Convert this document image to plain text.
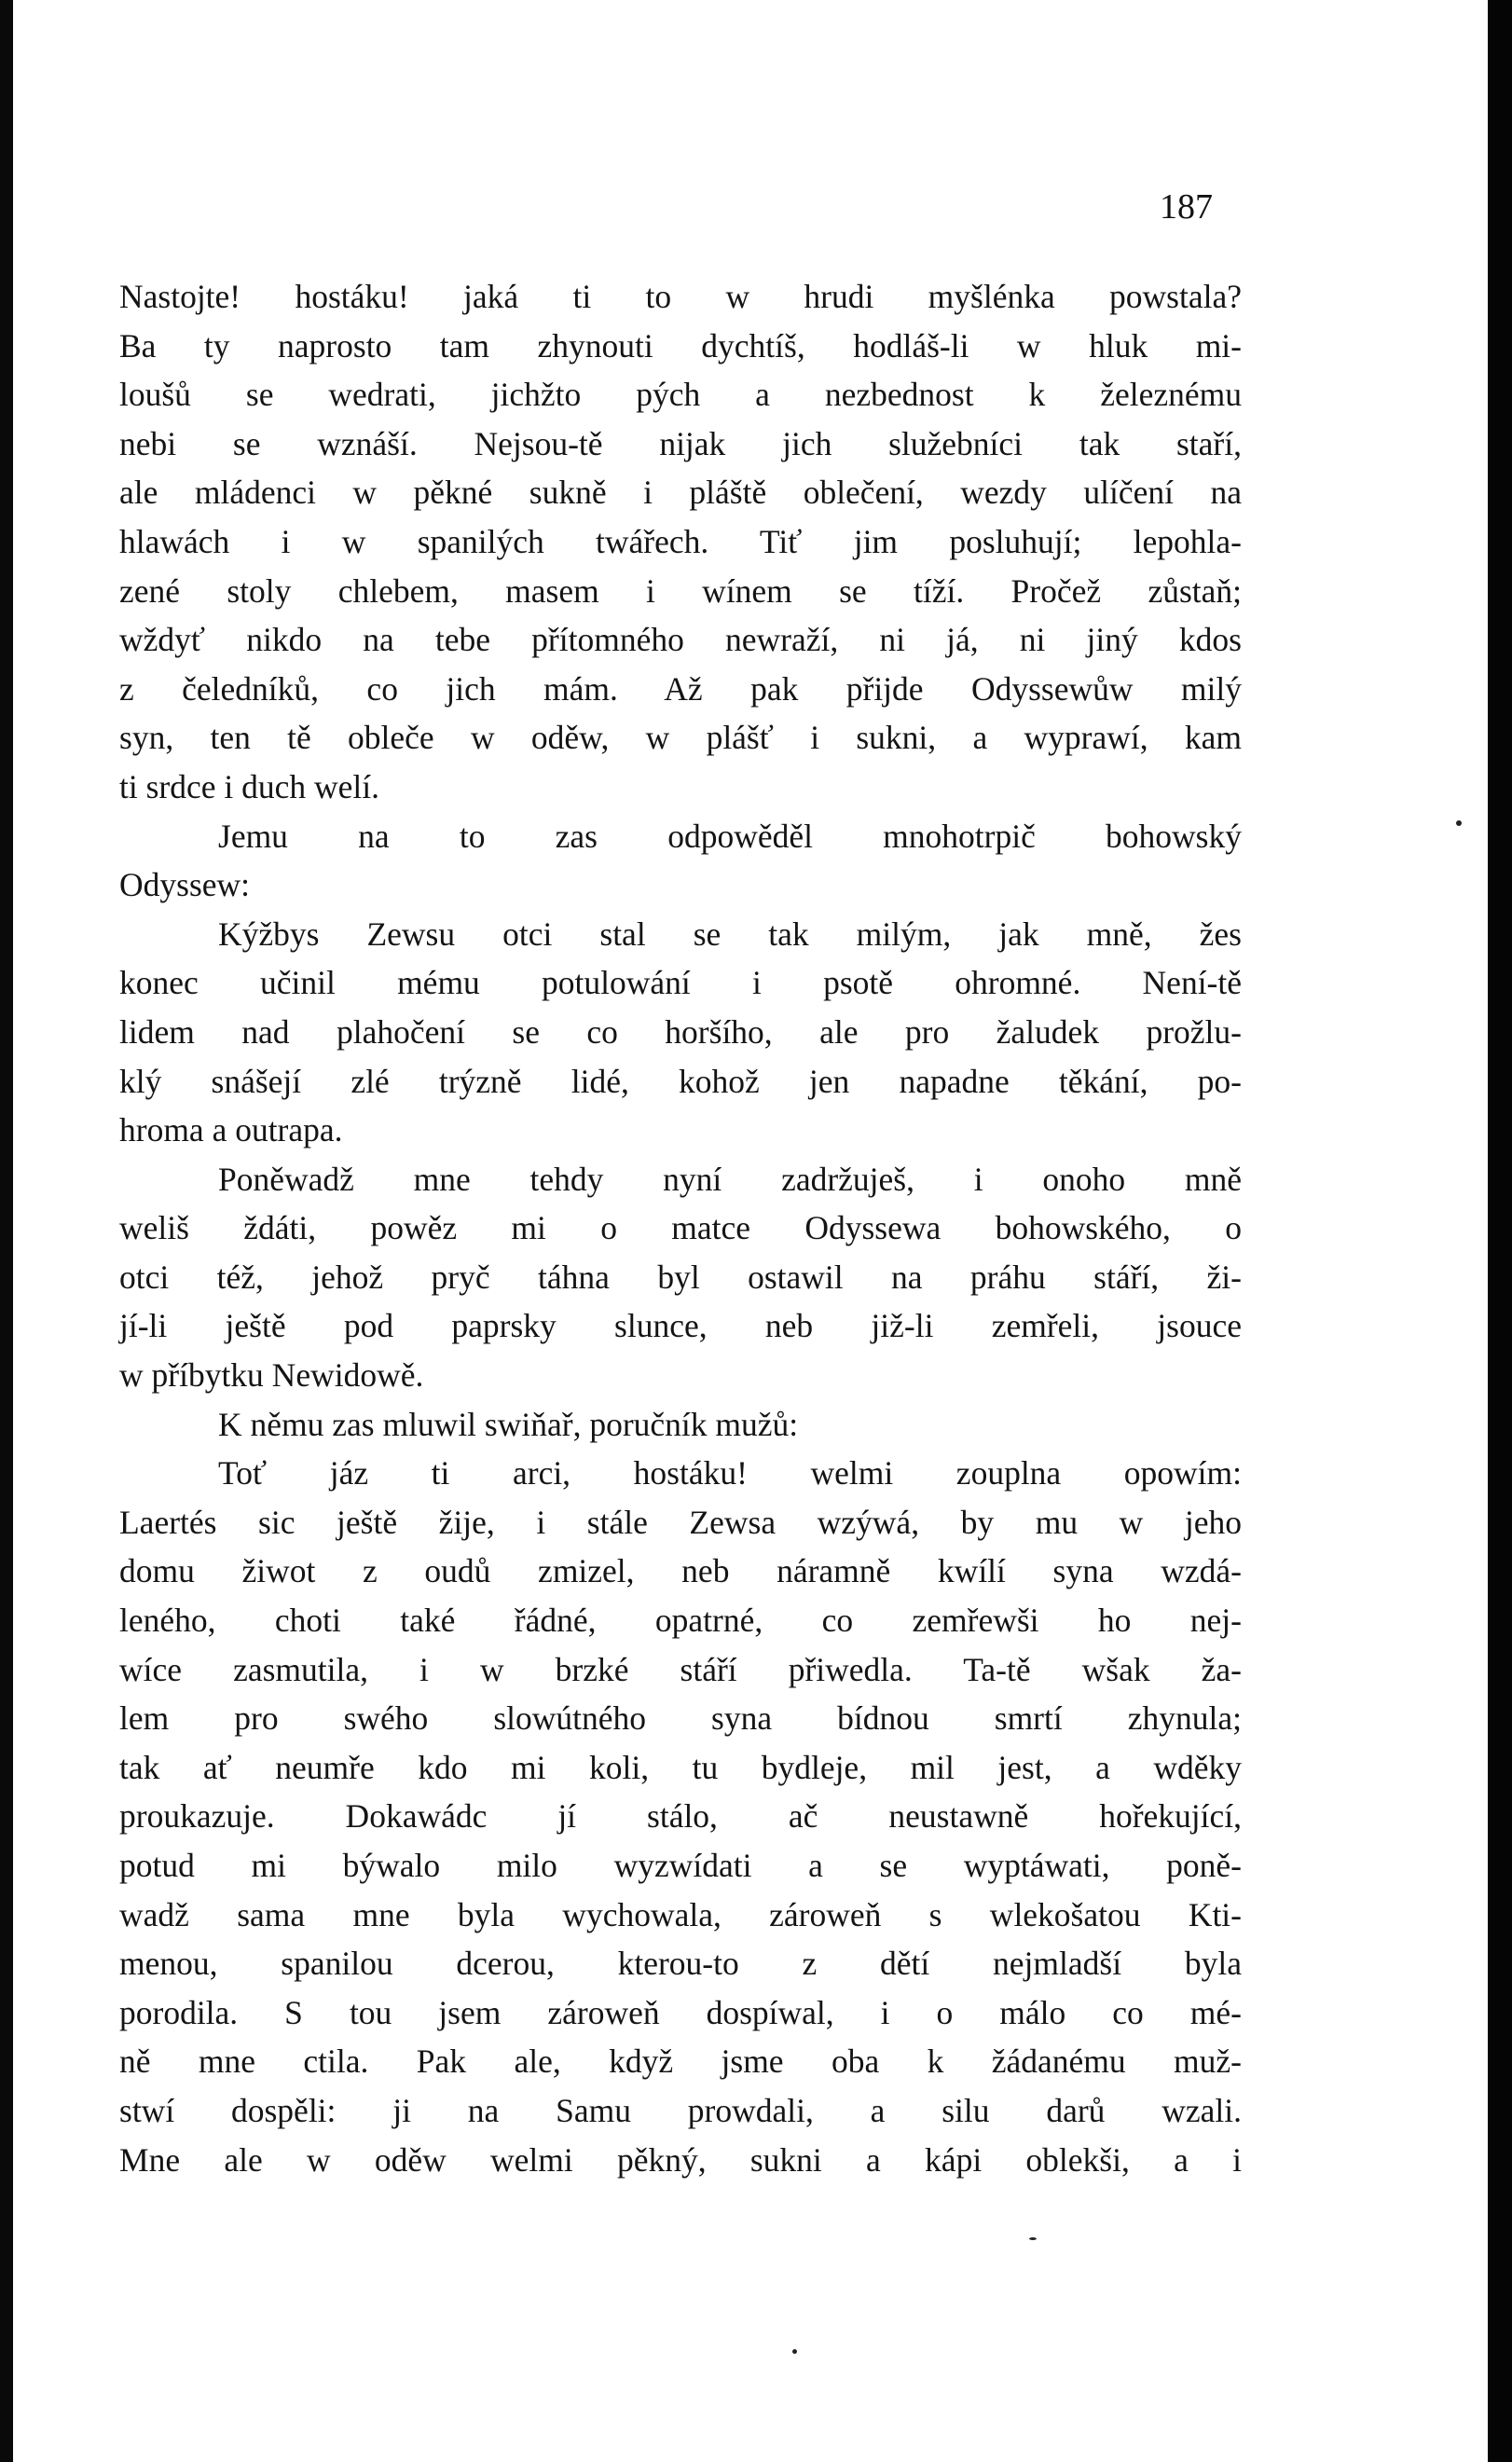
187
Nastojte! hostáku! jaká ti to w hrudi myšlénka powstala?
Ba ty naprosto tam zhynouti dychtíš, hodláš-li w hluk mi-
loušů se wedrati, jichžto pých a nezbednost k železnému
nebi se wznáší. Nejsou-tě nijak jich služebníci tak staří,
ale mládenci w pěkné sukně i pláště oblečení, wezdy ulíčení na
hlawách i w spanilých twářech. Tiť jim posluhují; lepohla-
zené stoly chlebem, masem i wínem se tíží. Pročež zůstaň;
wždyť nikdo na tebe přítomného newraží, ni já, ni jiný kdos
z čeledníků, co jich mám. Až pak přijde Odyssewůw milý
syn, ten tě obleče w oděw, w plášť i sukni, a wyprawí, kam
ti srdce i duch welí.
Jemu na to zas odpowěděl mnohotrpič bohowský
Odyssew:
Kýžbys Zewsu otci stal se tak milým, jak mně, žes
konec učinil mému potulowání i psotě ohromné. Není-tě
lidem nad plahočení se co horšího, ale pro žaludek prožlu-
klý snášejí zlé trýzně lidé, kohož jen napadne těkání, po-
hroma a outrapa.
Poněwadž mne tehdy nyní zadržuješ, i onoho mně
weliš ždáti, powěz mi o matce Odyssewa bohowského, o
otci též, jehož pryč táhna byl ostawil na práhu stáří, ži-
jí-li ještě pod paprsky slunce, neb již-li zemřeli, jsouce
w příbytku Newidowě.
K němu zas mluwil swiňař, poručník mužů:
Toť jáz ti arci, hostáku! welmi zouplna opowím:
Laertés sic ještě žije, i stále Zewsa wzýwá, by mu w jeho
domu žiwot z oudů zmizel, neb náramně kwílí syna wzdá-
leného, choti také řádné, opatrné, co zemřewši ho nej-
wíce zasmutila, i w brzké stáří přiwedla. Ta-tě wšak ža-
lem pro swého slowútného syna bídnou smrtí zhynula;
tak ať neumře kdo mi koli, tu bydleje, mil jest, a wděky
proukazuje. Dokawádc jí stálo, ač neustawně hořekující,
potud mi býwalo milo wyzwídati a se wyptáwati, poně-
wadž sama mne byla wychowala, zároweň s wlekošatou Kti-
menou, spanilou dcerou, kterou-to z dětí nejmladší byla
porodila. S tou jsem zároweň dospíwal, i o málo co mé-
ně mne ctila. Pak ale, když jsme oba k žádanému muž-
stwí dospěli: ji na Samu prowdali, a silu darů wzali.
Mne ale w oděw welmi pěkný, sukni a kápi oblekši, a i
